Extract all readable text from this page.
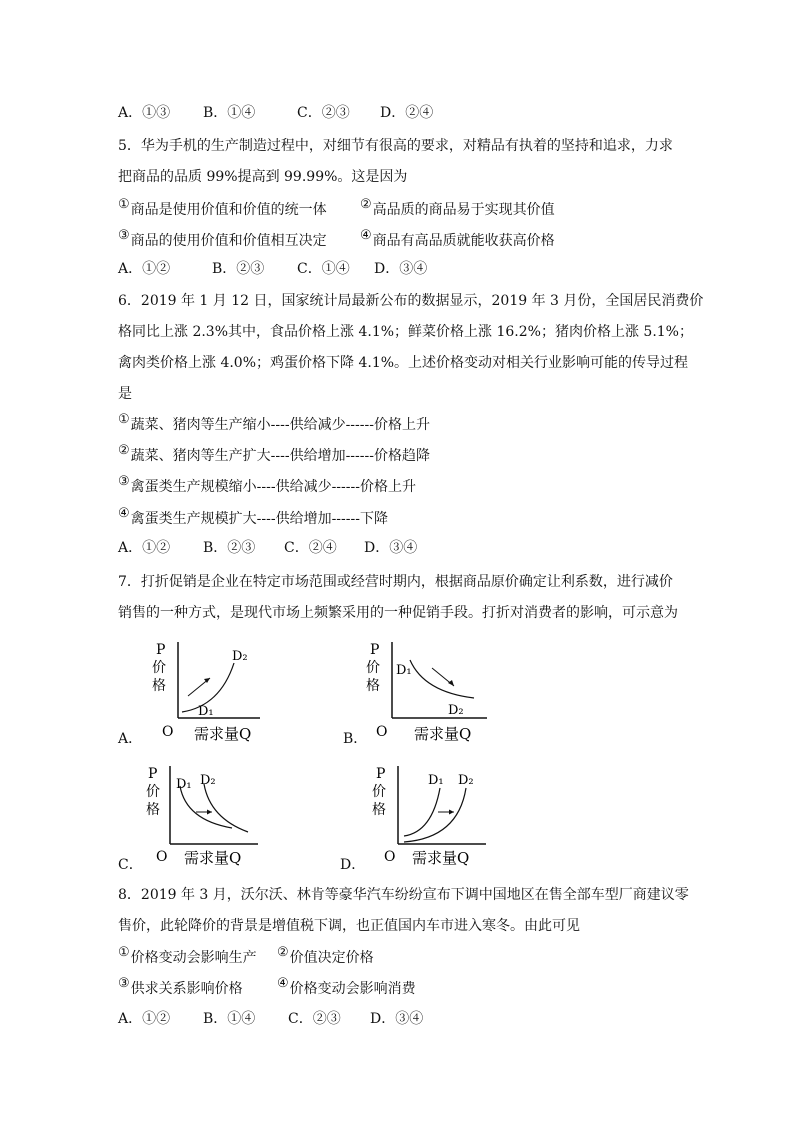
A．①③ B．①④	C．②③ D．②④
5．华为手机的生产制造过程中，对细节有很高的要求，对精品有执着的坚持和追求，力求
把商品的品质 99%提高到 99.99%。这是因为
①商品是使用价值和价值的统一体	②高品质的商品易于实现其价值
③商品的使用价值和价值相互决定	④商品有高品质就能收获高价格
A．①②	B．②③ C．①④ D．③④
6．2019 年 1 月 12 日，国家统计局最新公布的数据显示，2019 年 3 月份，全国居民消费价
格同比上涨 2.3%其中，食品价格上涨 4.1%；鲜菜价格上涨 16.2%；猪肉价格上涨 5.1%；
禽肉类价格上涨 4.0%；鸡蛋价格下降 4.1%。上述价格变动对相关行业影响可能的传导过程
是
①蔬菜、猪肉等生产缩小----供给减少------价格上升
②蔬菜、猪肉等生产扩大----供给增加------价格趋降
③禽蛋类生产规模缩小----供给减少------价格上升
④禽蛋类生产规模扩大----供给增加------下降
A．①② B．②③ C．②④ D．③④
7．打折促销是企业在特定市场范围或经营时期内，根据商品原价确定让利系数，进行减价
销售的一种方式，是现代市场上频繁采用的一种促销手段。打折对消费者的影响，可示意为
A．
P
价
格
O 需求量Q
D₂
D₁
B．
P
价
格
O 需求量Q
D₁
D₂
C．
P
价
格
O 需求量Q
D₁ D₂
D．
P
价
格
O 需求量Q
D₁ D₂
8．2019 年 3 月，沃尔沃、林肯等豪华汽车纷纷宣布下调中国地区在售全部车型厂商建议零
售价，此轮降价的背景是增值税下调，也正值国内车市进入寒冬。由此可见
①价格变动会影响生产 ②价值决定价格
③供求关系影响价格	④价格变动会影响消费
A．①② B．①④ C．②③ D．③④
